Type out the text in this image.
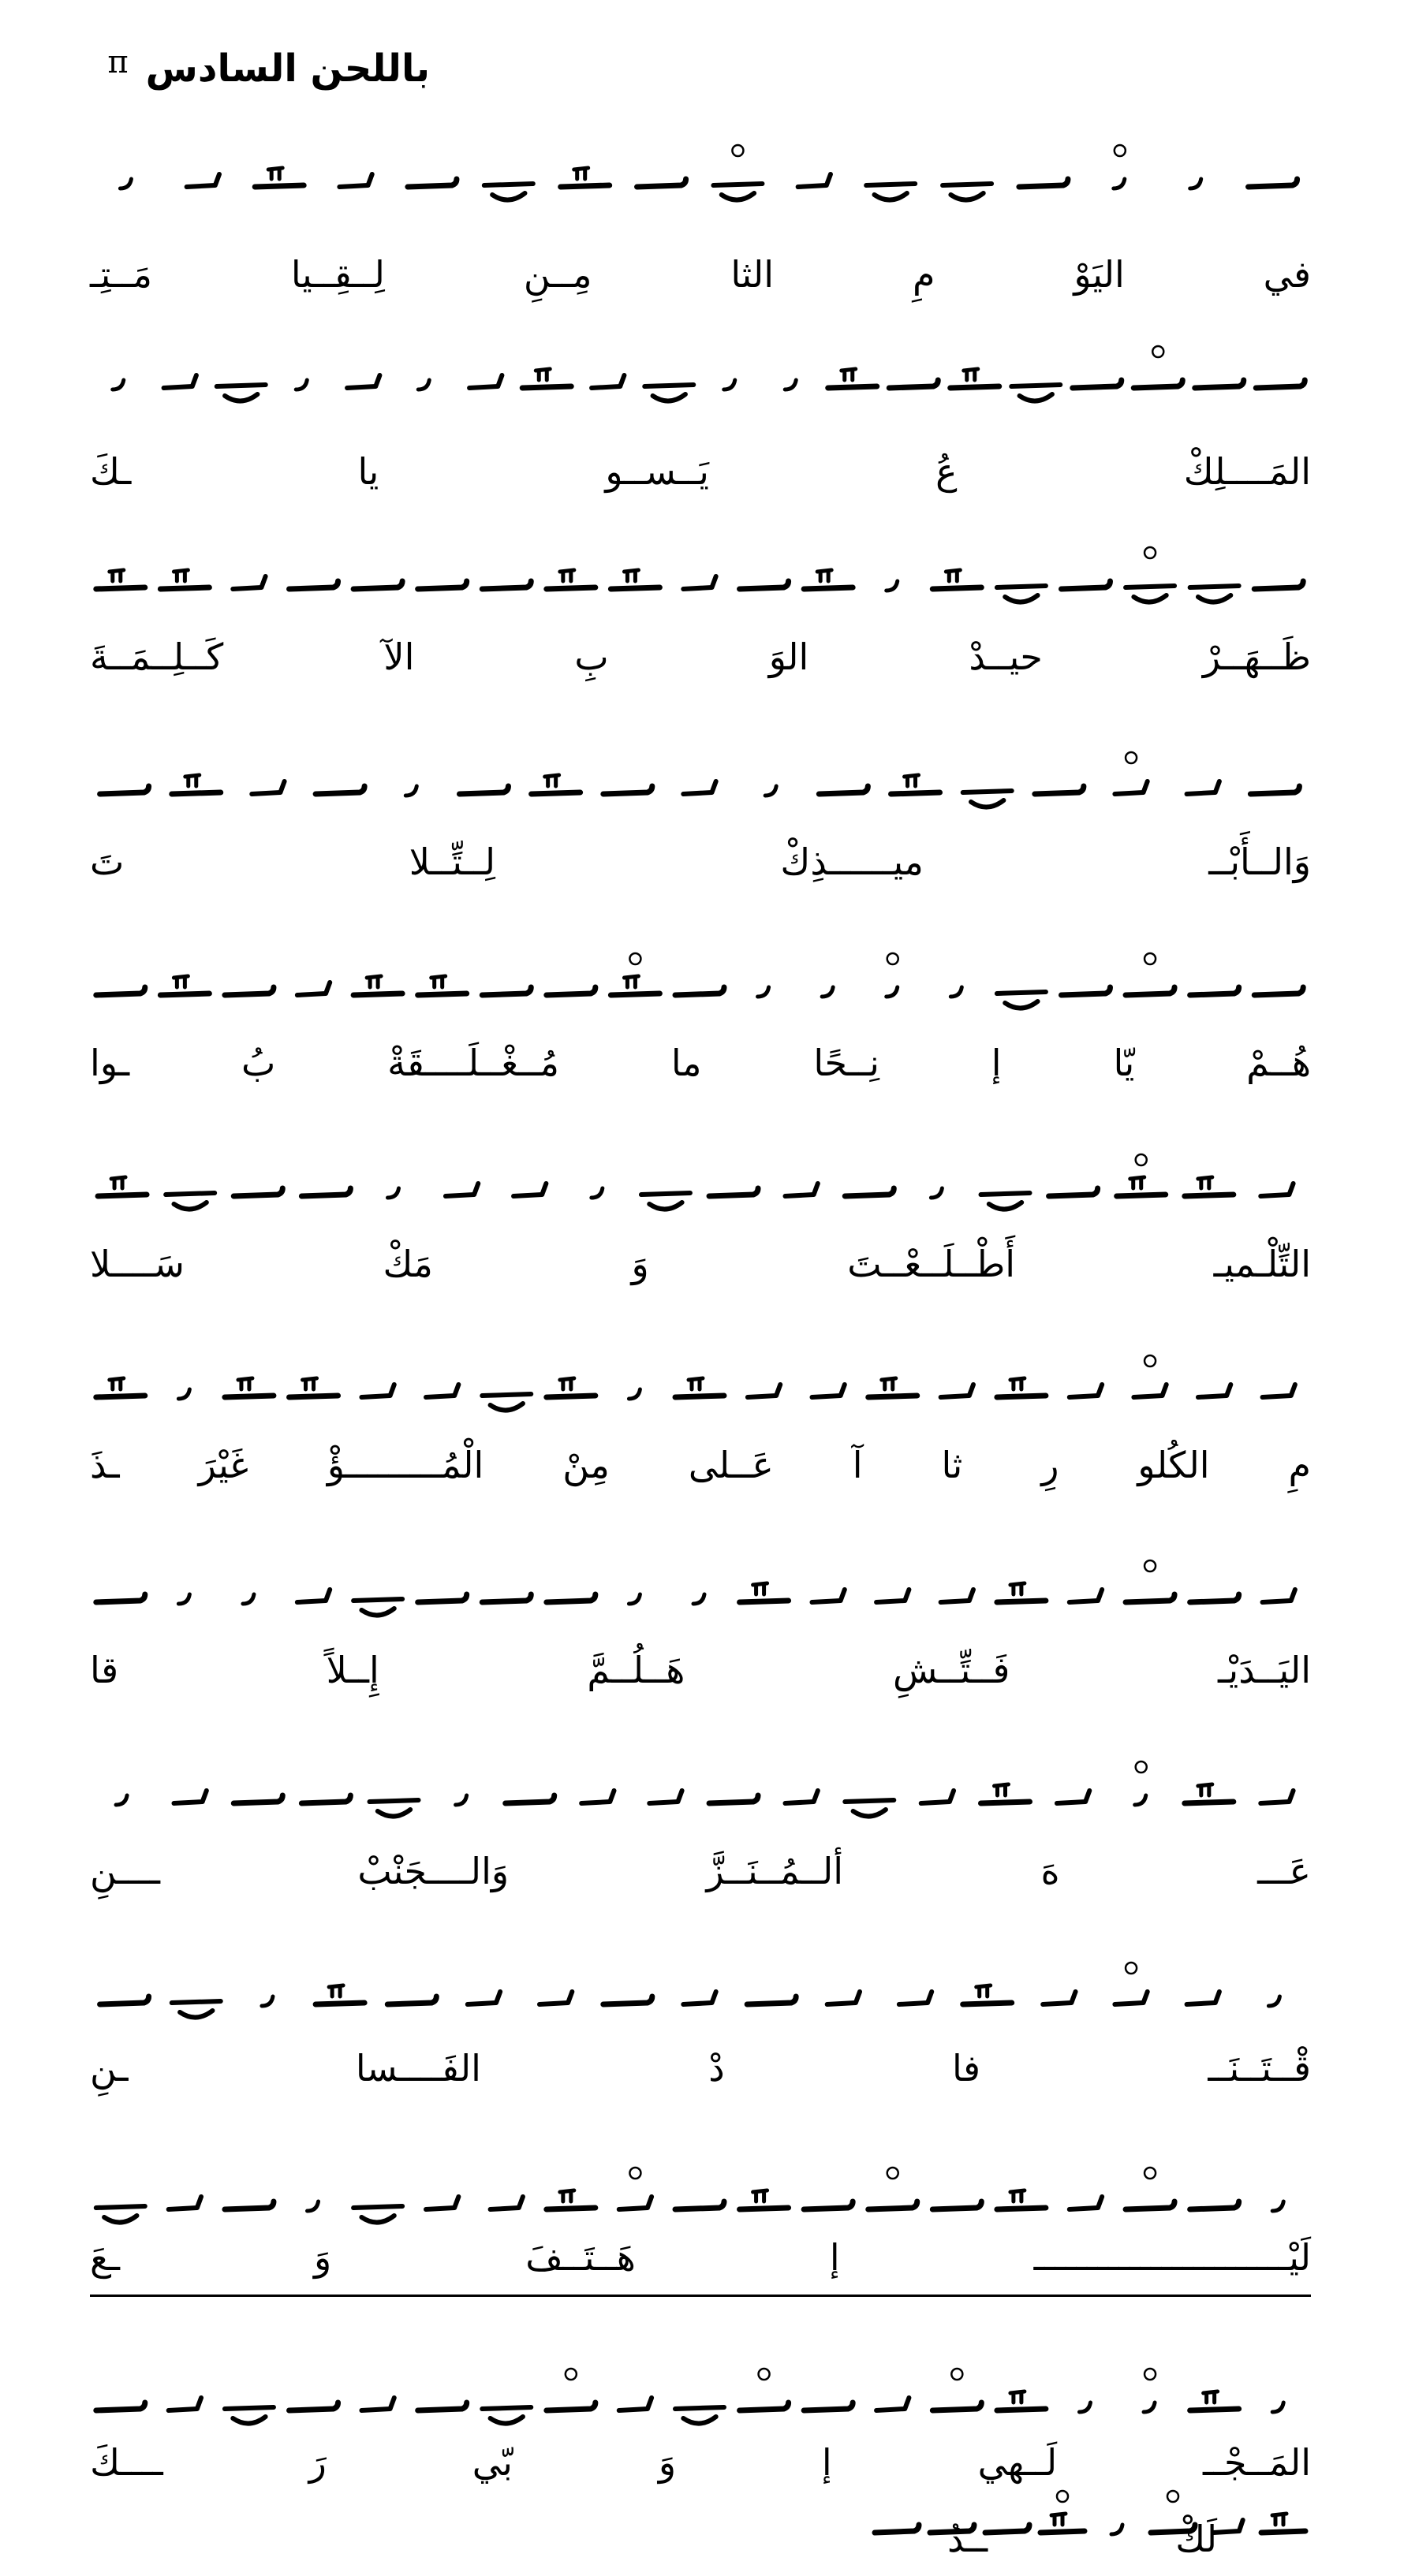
باللحن السادس
π
مَــتِـ	لِــقِــيا	مِــنِ	الثا	مِ	اليَوْ	في
ـكَ	يا	يَــســو	عُ	المَــــلِكْ
كَــلِــمَــةَ	الآ	بِ	الوَ	حيــدْ	ظَــهَــرْ
تَ	لِــتِّــلا	ميــــــذِكْ	وَالــأَبْــ
ـوا	بُ	مُــغْــلَــــقَةْ	ما	نِــحًا	إ	يّا	هُــمْ
سَــــلا	مَكْ	وَ	أَطْــلَــعْــتَ	التِّلْـميـ
ـذَ غَيْرَ الْمُـــــــــؤْ مِنْ عَــلى آ ثا رِ الكُلو مِ
قا	إِــلاً	هَــلُــمَّ	فَــتِّــشِ	اليَــدَيْـ
ــــنِ	وَالــــجَنْبْ	ألــمُــنَــزَّ	هَ	عَـــ
ـنِ	الفَــــسا	دْ	فا	قْــتَــنَــ
ـعَ	وَ	هَــتَــفَ	إ	لَيْــــــــــــــــــــــــ
ــــكَ	رَ	بّي	وَ	إ	لَــهي	المَــجْــ
ــدُ	لَكْ
